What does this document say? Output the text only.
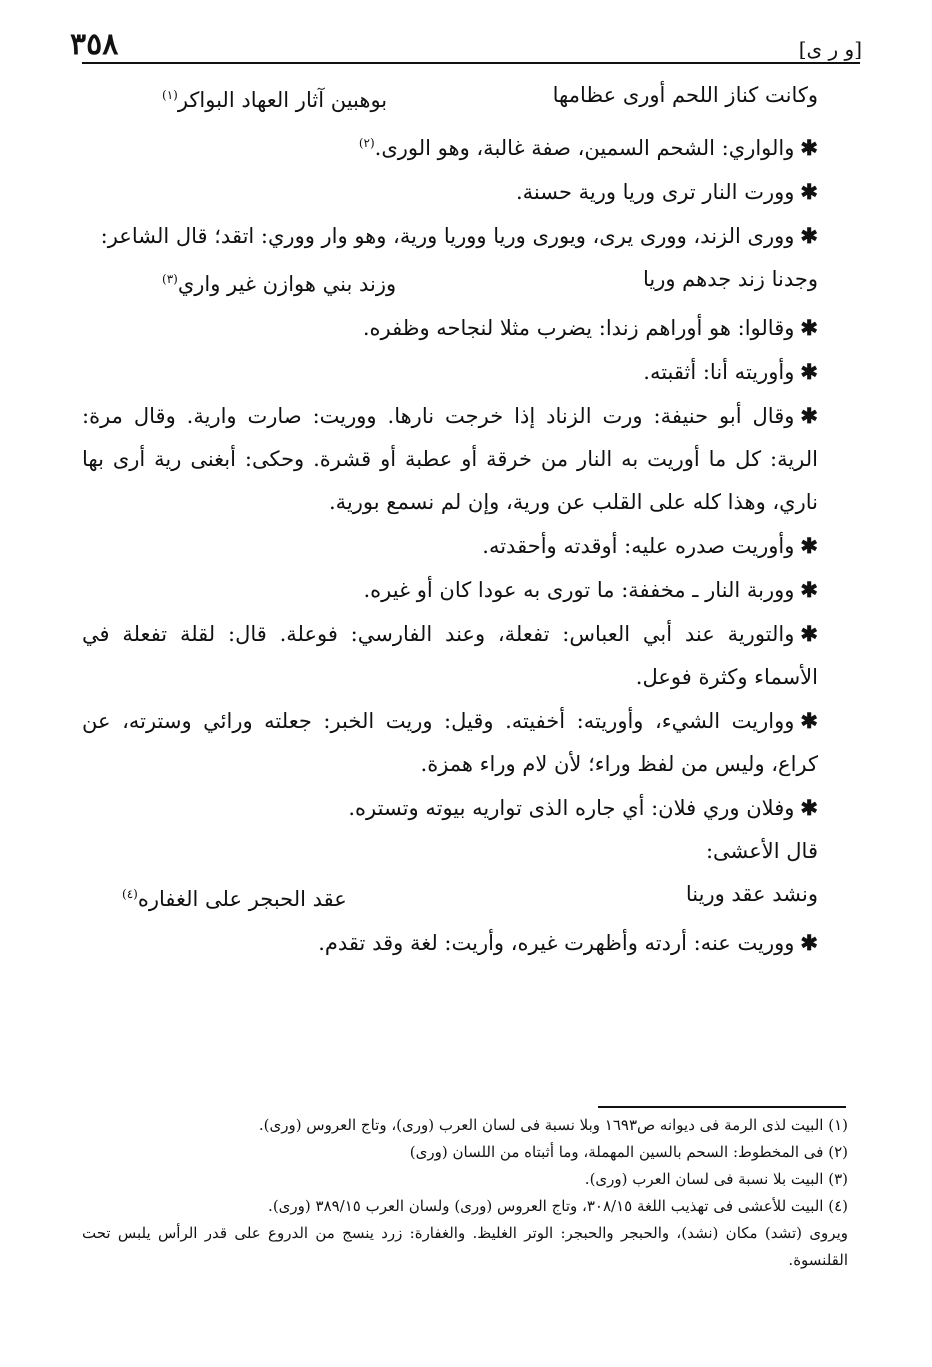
٣٥٨	[و ر ى]

وكانت كناز اللحم أورى عظامها
بوهبين آثار العهاد البواكر$^{(١)}$

✱والواري: الشحم السمين، صفة غالبة، وهو الورى.$^{(٢)}$

✱وورت النار ترى وريا ورية حسنة.

✱وورى الزند، وورى يرى، ويورى وريا ووريا ورية، وهو وار ووري: اتقد؛ قال الشاعر:

وجدنا زند جدهم وريا
وزند بني هوازن غير واري$^{(٣)}$

✱وقالوا: هو أوراهم زندا: يضرب مثلا لنجاحه وظفره.

✱وأوريته أنا: أثقبته.

✱وقال أبو حنيفة: ورت الزناد إذا خرجت نارها. ووريت: صارت وارية. وقال مرة: الرية: كل ما أوريت به النار من خرقة أو عطبة أو قشرة. وحكى: أبغنى رية أرى بها ناري، وهذا كله على القلب عن ورية، وإن لم نسمع بورية.

✱وأوريت صدره عليه: أوقدته وأحقدته.

✱ووربة النار ـ مخففة: ما تورى به عودا كان أو غيره.

✱والتورية عند أبي العباس: تفعلة، وعند الفارسي: فوعلة. قال: لقلة تفعلة في الأسماء وكثرة فوعل.

✱وواريت الشيء، وأوريته: أخفيته. وقيل: وريت الخبر: جعلته ورائي وسترته، عن كراع، وليس من لفظ وراء؛ لأن لام وراء همزة.

✱وفلان وري فلان: أي جاره الذى تواريه بيوته وتستره.

قال الأعشى:

ونشد عقد ورينا
عقد الحبجر على الغفاره$^{(٤)}$

✱ووريت عنه: أردته وأظهرت غيره، وأريت: لغة وقد تقدم.

(١) البيت لذى الرمة فى ديوانه ص١٦٩٣ وبلا نسبة فى لسان العرب (ورى)، وتاج العروس (ورى).

(٢) فى المخطوط: السحم بالسين المهملة، وما أثبتاه من اللسان (ورى)

(٣) البيت بلا نسبة فى لسان العرب (ورى).

(٤) البيت للأعشى فى تهذيب اللغة ٣٠٨/١٥، وتاج العروس (ورى) ولسان العرب ٣٨٩/١٥ (ورى).

ويروى (تشد) مكان (نشد)، والحبجر والحبجر: الوتر الغليظ. والغفارة: زرد ينسج من الدروع على قدر الرأس يلبس تحت القلنسوة.
